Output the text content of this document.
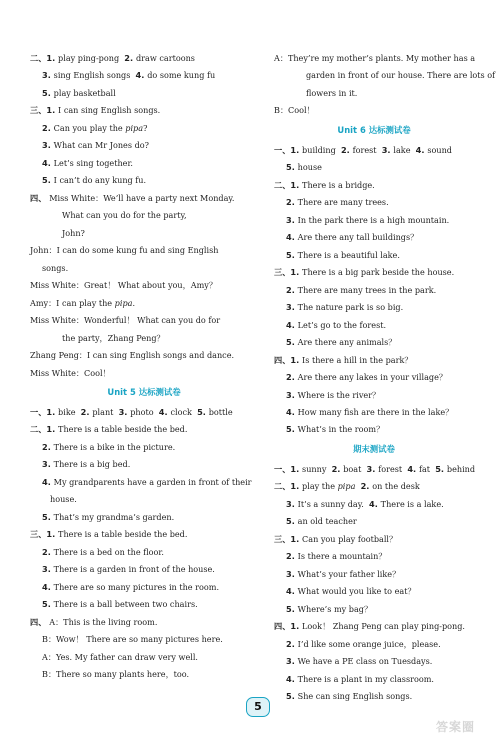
二、1. play ping-pong 2. draw cartoons
3. sing English songs 4. do some kung fu
5. play basketball
三、1. I can sing English songs.
2. Can you play the pipa?
3. What can Mr Jones do?
4. Let’s sing together.
5. I can’t do any kung fu.
四、 Miss White：We’ll have a party next Monday.
What can you do for the party,
John?
John：I can do some kung fu and sing English
songs.
Miss White：Great！ What about you，Amy？
Amy：I can play the pipa.
Miss White：Wonderful！ What can you do for
the party，Zhang Peng？
Zhang Peng：I can sing English songs and dance.
Miss White：Cool！
Unit 5 达标测试卷
一、1. bike 2. plant 3. photo 4. clock 5. bottle
二、1. There is a table beside the bed.
2. There is a bike in the picture.
3. There is a big bed.
4. My grandparents have a garden in front of their
house.
5. That’s my grandma’s garden.
三、1. There is a table beside the bed.
2. There is a bed on the floor.
3. There is a garden in front of the house.
4. There are so many pictures in the room.
5. There is a ball between two chairs.
四、 A：This is the living room.
B：Wow！ There are so many pictures here.
A：Yes. My father can draw very well.
B：There so many plants here，too.
A：They’re my mother’s plants. My mother has a
garden in front of our house. There are lots of
flowers in it.
B：Cool！
Unit 6 达标测试卷
一、1. building 2. forest 3. lake 4. sound
5. house
二、1. There is a bridge.
2. There are many trees.
3. In the park there is a high mountain.
4. Are there any tall buildings？
5. There is a beautiful lake.
三、1. There is a big park beside the house.
2. There are many trees in the park.
3. The nature park is so big.
4. Let’s go to the forest.
5. Are there any animals？
四、1. Is there a hill in the park？
2. Are there any lakes in your village？
3. Where is the river？
4. How many fish are there in the lake？
5. What’s in the room？
期末测试卷
一、1. sunny 2. boat 3. forest 4. fat 5. behind
二、1. play the pipa 2. on the desk
3. It’s a sunny day. 4. There is a lake.
5. an old teacher
三、1. Can you play football？
2. Is there a mountain？
3. What’s your father like？
4. What would you like to eat？
5. Where’s my bag？
四、1. Look！ Zhang Peng can play ping-pong.
2. I’d like some orange juice，please.
3. We have a PE class on Tuesdays.
4. There is a plant in my classroom.
5. She can sing English songs.
5
答案圈
